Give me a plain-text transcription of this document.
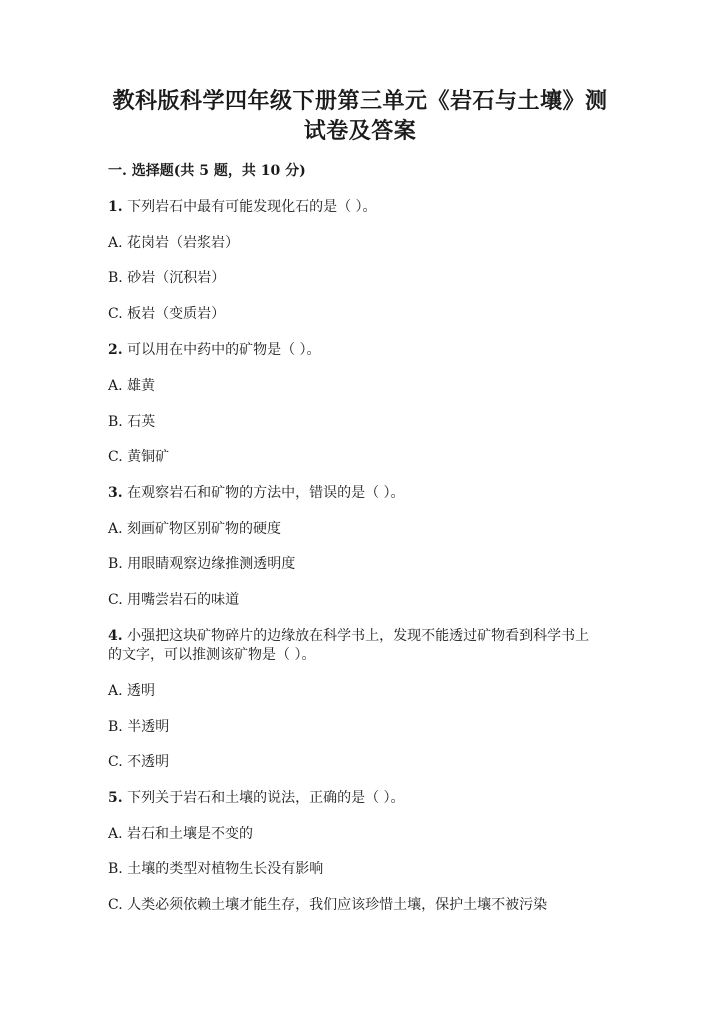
教科版科学四年级下册第三单元《岩石与土壤》测
试卷及答案
一. 选择题(共 5 题，共 10 分)
1. 下列岩石中最有可能发现化石的是（ ）。
A. 花岗岩（岩浆岩）
B. 砂岩（沉积岩）
C. 板岩（变质岩）
2. 可以用在中药中的矿物是（ ）。
A. 雄黄
B. 石英
C. 黄铜矿
3. 在观察岩石和矿物的方法中，错误的是（ ）。
A. 刻画矿物区别矿物的硬度
B. 用眼睛观察边缘推测透明度
C. 用嘴尝岩石的味道
4. 小强把这块矿物碎片的边缘放在科学书上，发现不能透过矿物看到科学书上
的文字，可以推测该矿物是（ ）。
A. 透明
B. 半透明
C. 不透明
5. 下列关于岩石和土壤的说法，正确的是（ ）。
A. 岩石和土壤是不变的
B. 土壤的类型对植物生长没有影响
C. 人类必须依赖土壤才能生存，我们应该珍惜土壤，保护土壤不被污染
